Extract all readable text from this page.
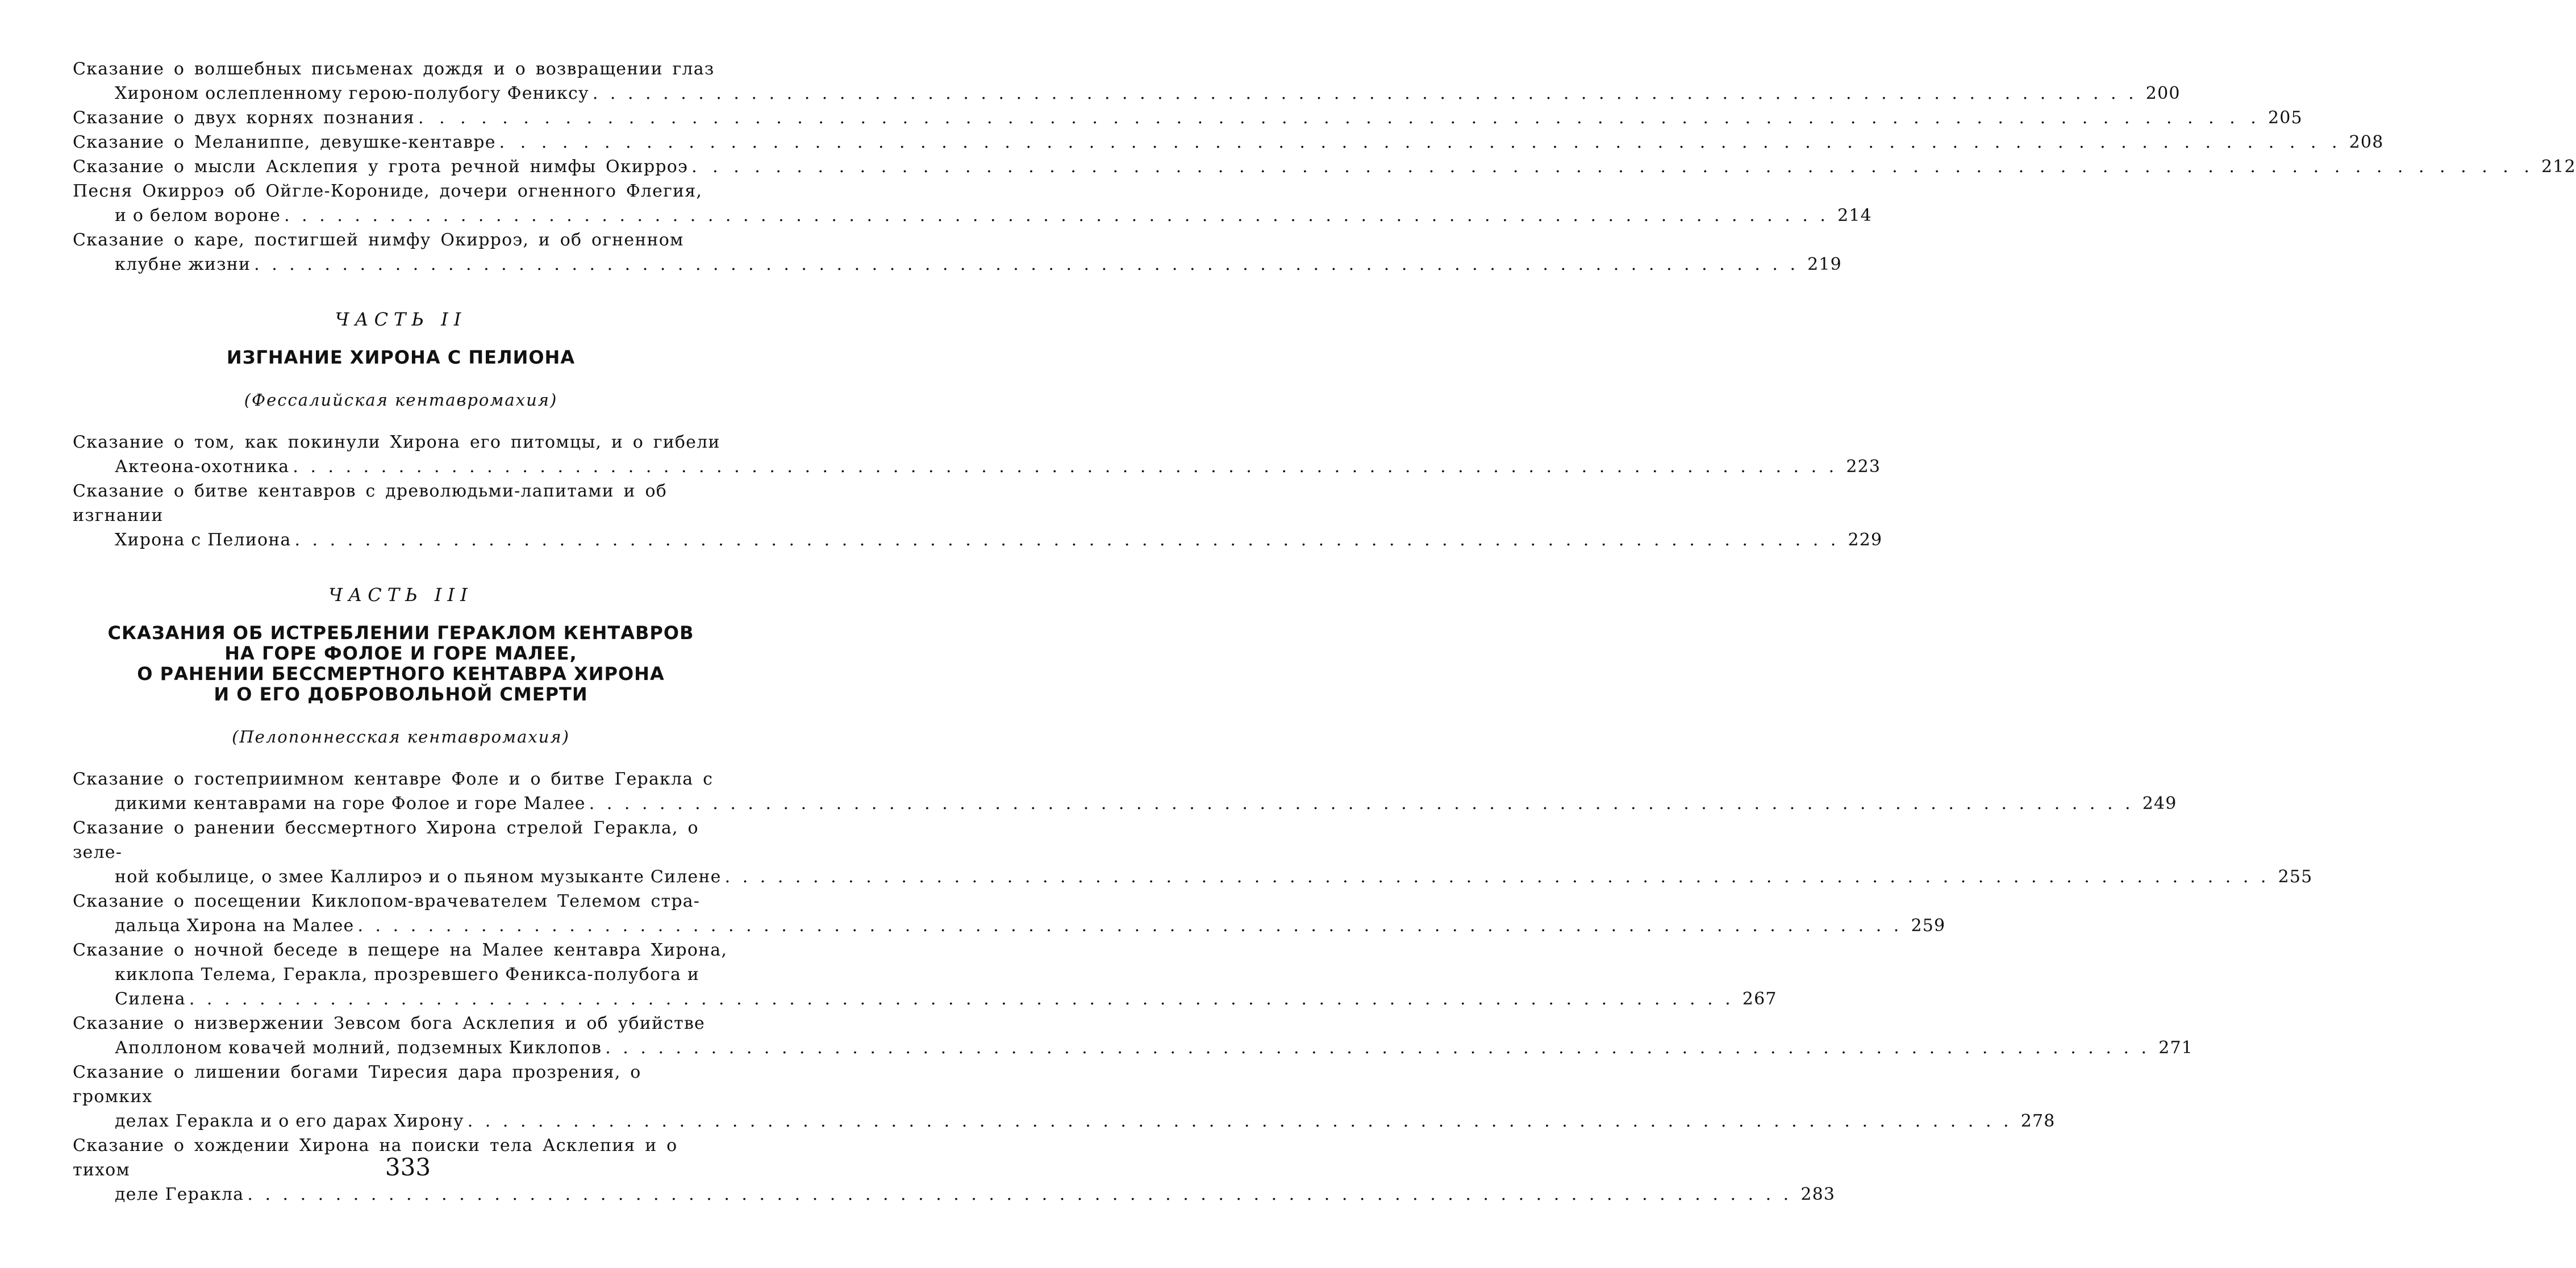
Сказание о волшебных письменах дождя и о возвращении глаз
Хироном ослепленному герою-полубогу Фениксу . . .	200
Сказание о двух корнях познания . . .	205
Сказание о Меланиппе, девушке-кентавре . . .	208
Сказание о мысли Асклепия у грота речной нимфы Окирроэ . . .	212
Песня Окирроэ об Ойгле-Корониде, дочери огненного Флегия,
и о белом вороне . . .	214
Сказание о каре, постигшей нимфу Окирроэ, и об огненном
клубне жизни . . .	219
ЧАСТЬ II
ИЗГНАНИЕ ХИРОНА С ПЕЛИОНА
(Фессалийская кентавромахия)
Сказание о том, как покинули Хирона его питомцы, и о гибели
Актеона-охотника . . .	223
Сказание о битве кентавров с древолюдьми-лапитами и об изгнании
Хирона с Пелиона . . .	229
ЧАСТЬ III
СКАЗАНИЯ ОБ ИСТРЕБЛЕНИИ ГЕРАКЛОМ КЕНТАВРОВ
НА ГОРЕ ФОЛОЕ И ГОРЕ МАЛЕЕ,
О РАНЕНИИ БЕССМЕРТНОГО КЕНТАВРА ХИРОНА
И О ЕГО ДОБРОВОЛЬНОЙ СМЕРТИ
(Пелопоннесская кентавромахия)
Сказание о гостеприимном кентавре Фоле и о битве Геракла с
дикими кентаврами на горе Фолое и горе Малее . . .	249
Сказание о ранении бессмертного Хирона стрелой Геракла, о зеле-
ной кобылице, о змее Каллироэ и о пьяном музыканте Силене . . .	255
Сказание о посещении Киклопом-врачевателем Телемом стра-
дальца Хирона на Малее . . .	259
Сказание о ночной беседе в пещере на Малее кентавра Хирона,
киклопа Телема, Геракла, прозревшего Феникса-полубога и
Силена . . .	267
Сказание о низвержении Зевсом бога Асклепия и об убийстве
Аполлоном ковачей молний, подземных Киклопов . . .	271
Сказание о лишении богами Тиресия дара прозрения, о громких
делах Геракла и о его дарах Хирону . . .	278
Сказание о хождении Хирона на поиски тела Асклепия и о тихом
деле Геракла . . .	283
333
